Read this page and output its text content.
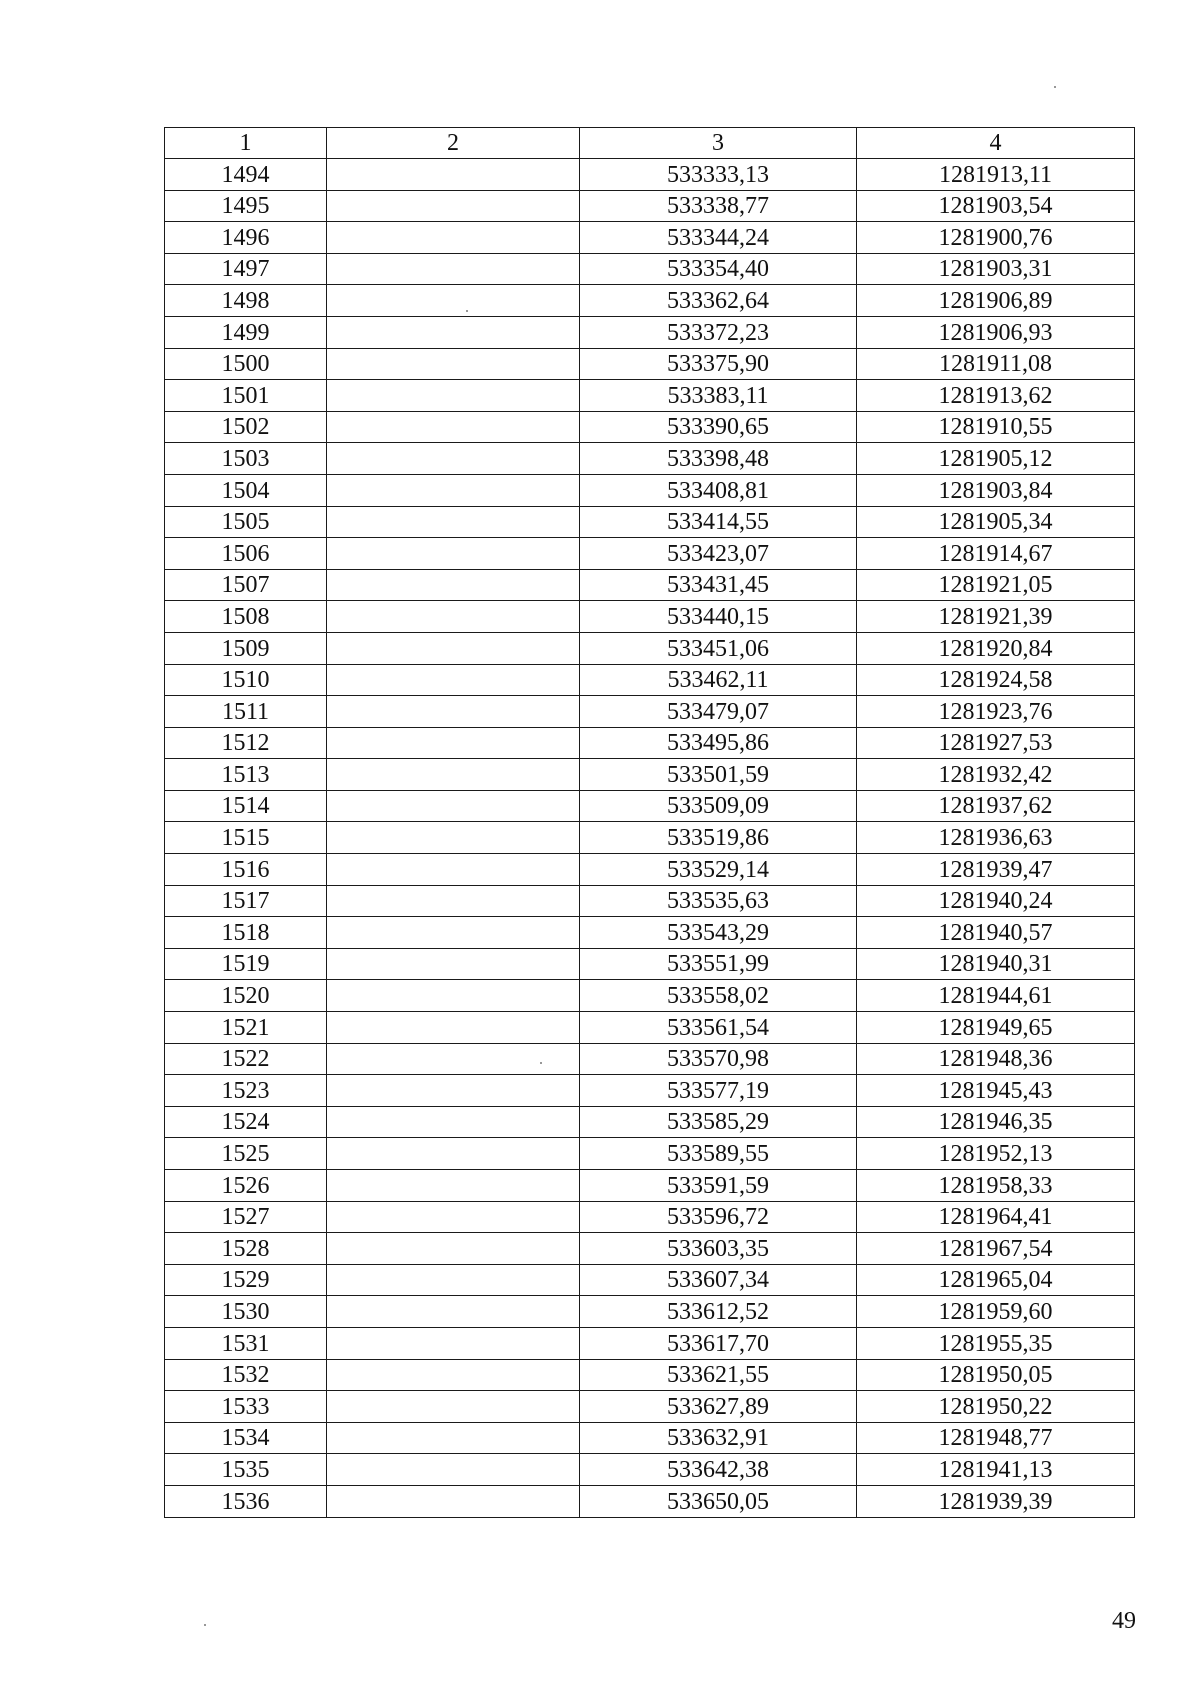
1	2	3	4
1494		533333,13	1281913,11
1495		533338,77	1281903,54
1496		533344,24	1281900,76
1497		533354,40	1281903,31
1498		533362,64	1281906,89
1499		533372,23	1281906,93
1500		533375,90	1281911,08
1501		533383,11	1281913,62
1502		533390,65	1281910,55
1503		533398,48	1281905,12
1504		533408,81	1281903,84
1505		533414,55	1281905,34
1506		533423,07	1281914,67
1507		533431,45	1281921,05
1508		533440,15	1281921,39
1509		533451,06	1281920,84
1510		533462,11	1281924,58
1511		533479,07	1281923,76
1512		533495,86	1281927,53
1513		533501,59	1281932,42
1514		533509,09	1281937,62
1515		533519,86	1281936,63
1516		533529,14	1281939,47
1517		533535,63	1281940,24
1518		533543,29	1281940,57
1519		533551,99	1281940,31
1520		533558,02	1281944,61
1521		533561,54	1281949,65
1522		533570,98	1281948,36
1523		533577,19	1281945,43
1524		533585,29	1281946,35
1525		533589,55	1281952,13
1526		533591,59	1281958,33
1527		533596,72	1281964,41
1528		533603,35	1281967,54
1529		533607,34	1281965,04
1530		533612,52	1281959,60
1531		533617,70	1281955,35
1532		533621,55	1281950,05
1533		533627,89	1281950,22
1534		533632,91	1281948,77
1535		533642,38	1281941,13
1536		533650,05	1281939,39
49
